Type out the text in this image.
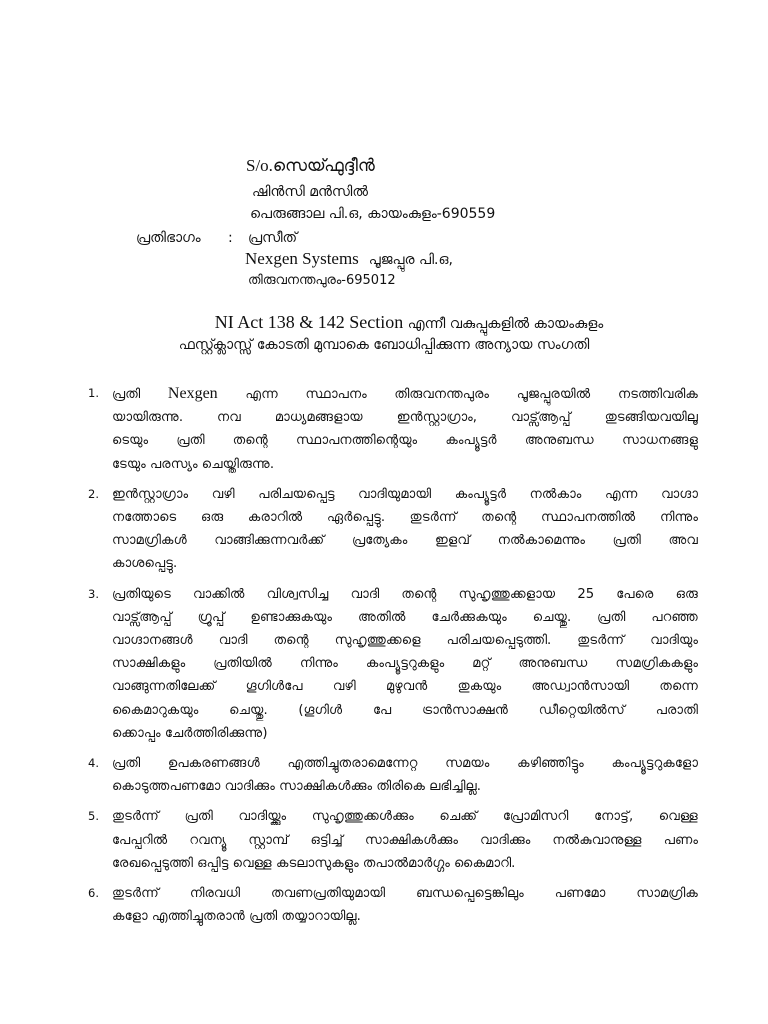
S/o.സെയ്ഫുദ്ദീൻ
ഷിൻസി മൻസിൽ
പെരുങ്ങാല പി.ഒ, കായംകുളം-690559
പ്രതിഭാഗം : പ്രസീത്
Nexgen Systems പൂജപ്പുര പി.ഒ,
തിരുവനന്തപുരം-695012
NI Act 138 & 142 Section എന്നീ വകുപ്പുകളിൽ കായംകുളം
ഫസ്റ്റ്ക്ലാസ്സ് കോടതി മുമ്പാകെ ബോധിപ്പിക്കുന്ന അന്യായ സംഗതി
1. പ്രതി Nexgen എന്ന സ്ഥാപനം തിരുവനന്തപുരം പൂജപ്പുരയിൽ നടത്തിവരിക
യായിരുന്നു. നവ മാധ്യമങ്ങളായ ഇൻസ്റ്റാഗ്രാം, വാട്സ്ആപ്പ് തുടങ്ങിയവയിലൂ
ടെയും പ്രതി തന്റെ സ്ഥാപനത്തിന്റെയും കംപ്യൂട്ടർ അനുബന്ധ സാധനങ്ങളു
ടേയും പരസ്യം ചെയ്തിരുന്നു.
2. ഇൻസ്റ്റാഗ്രാം വഴി പരിചയപ്പെട്ട വാദിയുമായി കംപ്യൂട്ടർ നൽകാം എന്ന വാഗ്ദാ
നത്തോടെ ഒരു കരാറിൽ ഏർപ്പെട്ടു. തുടർന്ന് തന്റെ സ്ഥാപനത്തിൽ നിന്നും
സാമഗ്രികൾ വാങ്ങിക്കുന്നവർക്ക് പ്രത്യേകം ഇളവ് നൽകാമെന്നും പ്രതി അവ
കാശപ്പെട്ടു.
3. പ്രതിയുടെ വാക്കിൽ വിശ്വസിച്ച വാദി തന്റെ സുഹൃത്തുക്കളായ 25 പേരെ ഒരു
വാട്സ്ആപ്പ് ഗ്രൂപ്പ് ഉണ്ടാക്കുകയും അതിൽ ചേർക്കുകയും ചെയ്തു. പ്രതി പറഞ്ഞ
വാഗ്ദാനങ്ങൾ വാദി തന്റെ സുഹൃത്തുക്കളെ പരിചയപ്പെടുത്തി. തുടർന്ന് വാദിയും
സാക്ഷികളും പ്രതിയിൽ നിന്നും കംപ്യൂട്ടറുകളും മറ്റ് അനുബന്ധ സമഗ്രികകളും
വാങ്ങുന്നതിലേക്ക് ഗൂഗിൾപേ വഴി മുഴുവൻ തുകയും അഡ്വാൻസായി തന്നെ
കൈമാറുകയും ചെയ്തു. (ഗൂഗിൾ പേ ട്രാൻസാക്ഷൻ ഡീറ്റെയിൽസ് പരാതി
ക്കൊപ്പം ചേർത്തിരിക്കുന്നു)
4. പ്രതി ഉപകരണങ്ങൾ എത്തിച്ചുതരാമെന്നേറ്റ സമയം കഴിഞ്ഞിട്ടും കംപ്യൂട്ടറുകളോ
കൊടുത്തപണമോ വാദിക്കും സാക്ഷികൾക്കും തിരികെ ലഭിച്ചില്ല.
5. തുടർന്ന് പ്രതി വാദിയ്ക്കും സുഹൃത്തുക്കൾക്കും ചെക്ക് പ്രോമിസറി നോട്ട്, വെള്ള
പേപ്പറിൽ റവന്യൂ സ്റ്റാമ്പ് ഒട്ടിച്ച് സാക്ഷികൾക്കും വാദിക്കും നൽകുവാനുള്ള പണം
രേഖപ്പെടുത്തി ഒപ്പിട്ട വെള്ള കടലാസുകളും തപാൽമാർഗ്ഗം കൈമാറി.
6. തുടർന്ന് നിരവധി തവണപ്രതിയുമായി ബന്ധപ്പെട്ടെങ്കിലും പണമോ സാമഗ്രിക
കളോ എത്തിച്ചുതരാൻ പ്രതി തയ്യാറായില്ല.
